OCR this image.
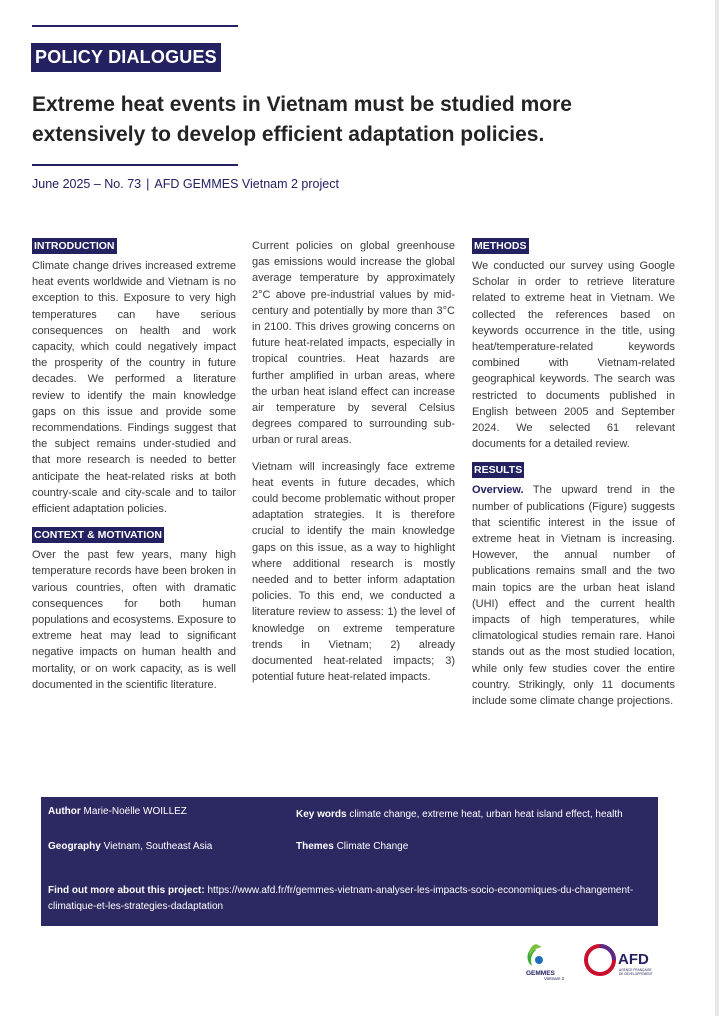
POLICY DIALOGUES
Extreme heat events in Vietnam must be studied more extensively to develop efficient adaptation policies.
June 2025 – No. 73 | AFD GEMMES Vietnam 2 project
INTRODUCTION

Climate change drives increased extreme heat events worldwide and Vietnam is no exception to this. Exposure to very high temperatures can have serious consequences on health and work capacity, which could negatively impact the prosperity of the country in future decades. We performed a literature review to identify the main knowledge gaps on this issue and provide some recommendations. Findings suggest that the subject remains under-studied and that more research is needed to better anticipate the heat-related risks at both country-scale and city-scale and to tailor efficient adaptation policies.

CONTEXT & MOTIVATION

Over the past few years, many high temperature records have been broken in various countries, often with dramatic consequences for both human populations and ecosystems. Exposure to extreme heat may lead to significant negative impacts on human health and mortality, or on work capacity, as is well documented in the scientific literature.

Current policies on global greenhouse gas emissions would increase the global average temperature by approximately 2°C above pre-industrial values by mid-century and potentially by more than 3°C in 2100. This drives growing concerns on future heat-related impacts, especially in tropical countries. Heat hazards are further amplified in urban areas, where the urban heat island effect can increase air temperature by several Celsius degrees compared to surrounding sub-urban or rural areas.

Vietnam will increasingly face extreme heat events in future decades, which could become problematic without proper adaptation strategies. It is therefore crucial to identify the main knowledge gaps on this issue, as a way to highlight where additional research is mostly needed and to better inform adaptation policies. To this end, we conducted a literature review to assess: 1) the level of knowledge on extreme temperature trends in Vietnam; 2) already documented heat-related impacts; 3) potential future heat-related impacts.

METHODS

We conducted our survey using Google Scholar in order to retrieve literature related to extreme heat in Vietnam. We collected the references based on keywords occurrence in the title, using heat/temperature-related keywords combined with Vietnam-related geographical keywords. The search was restricted to documents published in English between 2005 and September 2024. We selected 61 relevant documents for a detailed review.

RESULTS

Overview. The upward trend in the number of publications (Figure) suggests that scientific interest in the issue of extreme heat in Vietnam is increasing. However, the annual number of publications remains small and the two main topics are the urban heat island (UHI) effect and the current health impacts of high temperatures, while climatological studies remain rare. Hanoi stands out as the most studied location, while only few studies cover the entire country. Strikingly, only 11 documents include some climate change projections.

Author Marie-Noëlle WOILLEZ	Key words climate change, extreme heat, urban heat island effect, health
Geography Vietnam, Southeast Asia	Themes Climate Change
Find out more about this project: https://www.afd.fr/fr/gemmes-vietnam-analyser-les-impacts-socio-economiques-du-changement-climatique-et-les-strategies-dadaptation
GEMMES
Vietnam 2
AFD
AGENCE FRANÇAISE
DE DÉVELOPPEMENT
